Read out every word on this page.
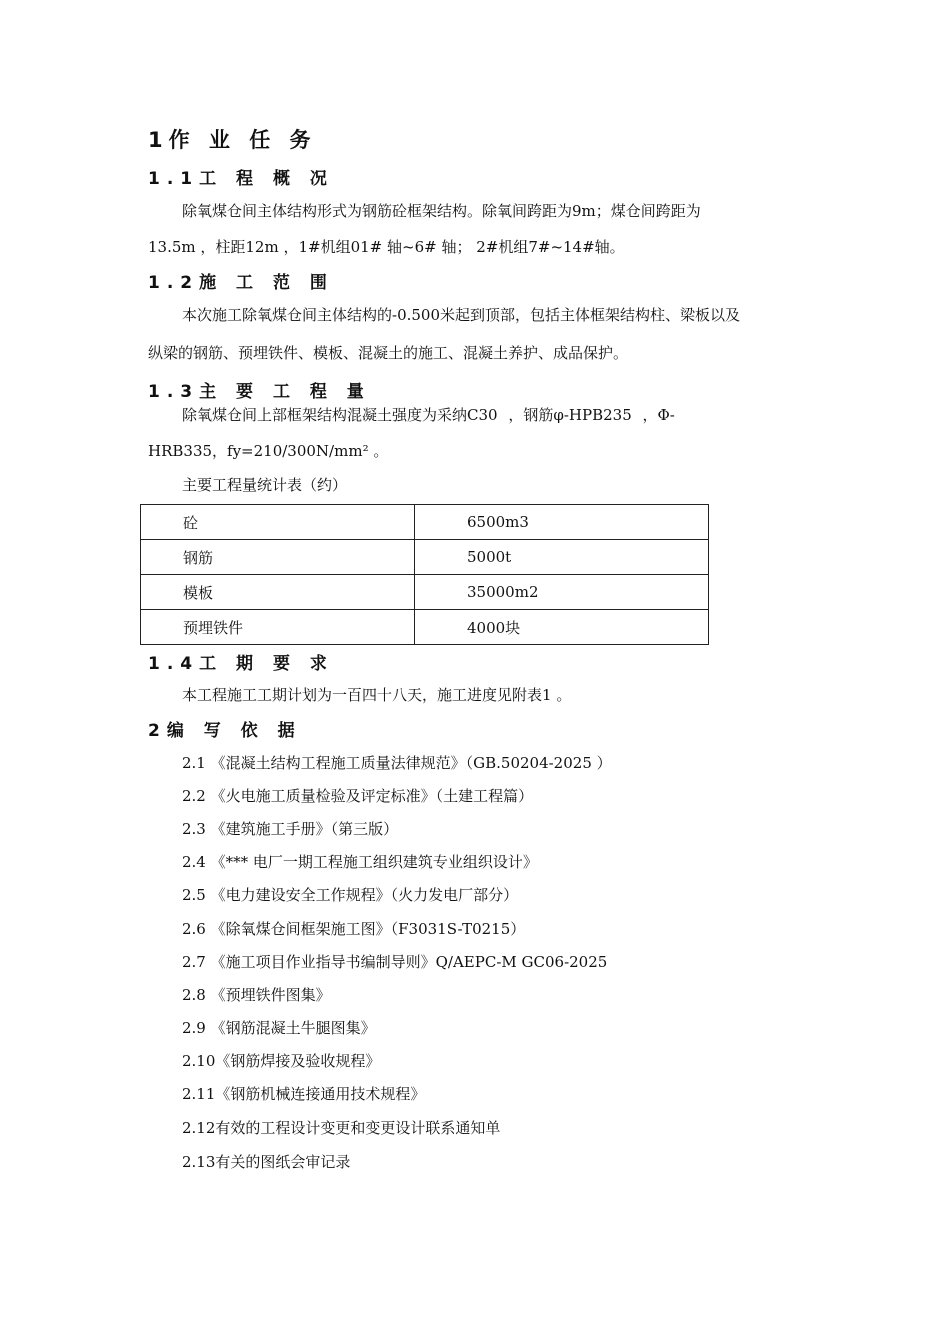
1作 业 任 务
1.1工 程 概 况
除氧煤仓间主体结构形式为钢筋砼框架结构。除氧间跨距为9m；煤仓间跨距为
13.5m ，柱距12m ，1#机组01# 轴~6# 轴； 2#机组7#~14#轴。
1.2施 工 范 围
本次施工除氧煤仓间主体结构的-0.500米起到顶部，包括主体框架结构柱、梁板以及
纵梁的钢筋、预埋铁件、模板、混凝土的施工、混凝土养护、成品保护。
1.3主 要 工 程 量
除氧煤仓间上部框架结构混凝土强度为采纳C30 ，钢筋φ-HPB235 ，Φ-
HRB335，fy=210/300N/mm² 。
主要工程量统计表（约）
砼	6500m3
钢筋	5000t
模板	35000m2
预埋铁件	4000块
1.4工 期 要 求
本工程施工工期计划为一百四十八天，施工进度见附表1 。
2编 写 依 据
2.1 《混凝土结构工程施工质量法律规范》（GB.50204-2025 ）
2.2 《火电施工质量检验及评定标准》（土建工程篇）
2.3 《建筑施工手册》（第三版）
2.4 《*** 电厂一期工程施工组织建筑专业组织设计》
2.5 《电力建设安全工作规程》（火力发电厂部分）
2.6 《除氧煤仓间框架施工图》（F3031S-T0215）
2.7 《施工项目作业指导书编制导则》Q/AEPC-M GC06-2025
2.8 《预埋铁件图集》
2.9 《钢筋混凝土牛腿图集》
2.10《钢筋焊接及验收规程》
2.11《钢筋机械连接通用技术规程》
2.12有效的工程设计变更和变更设计联系通知单
2.13有关的图纸会审记录
